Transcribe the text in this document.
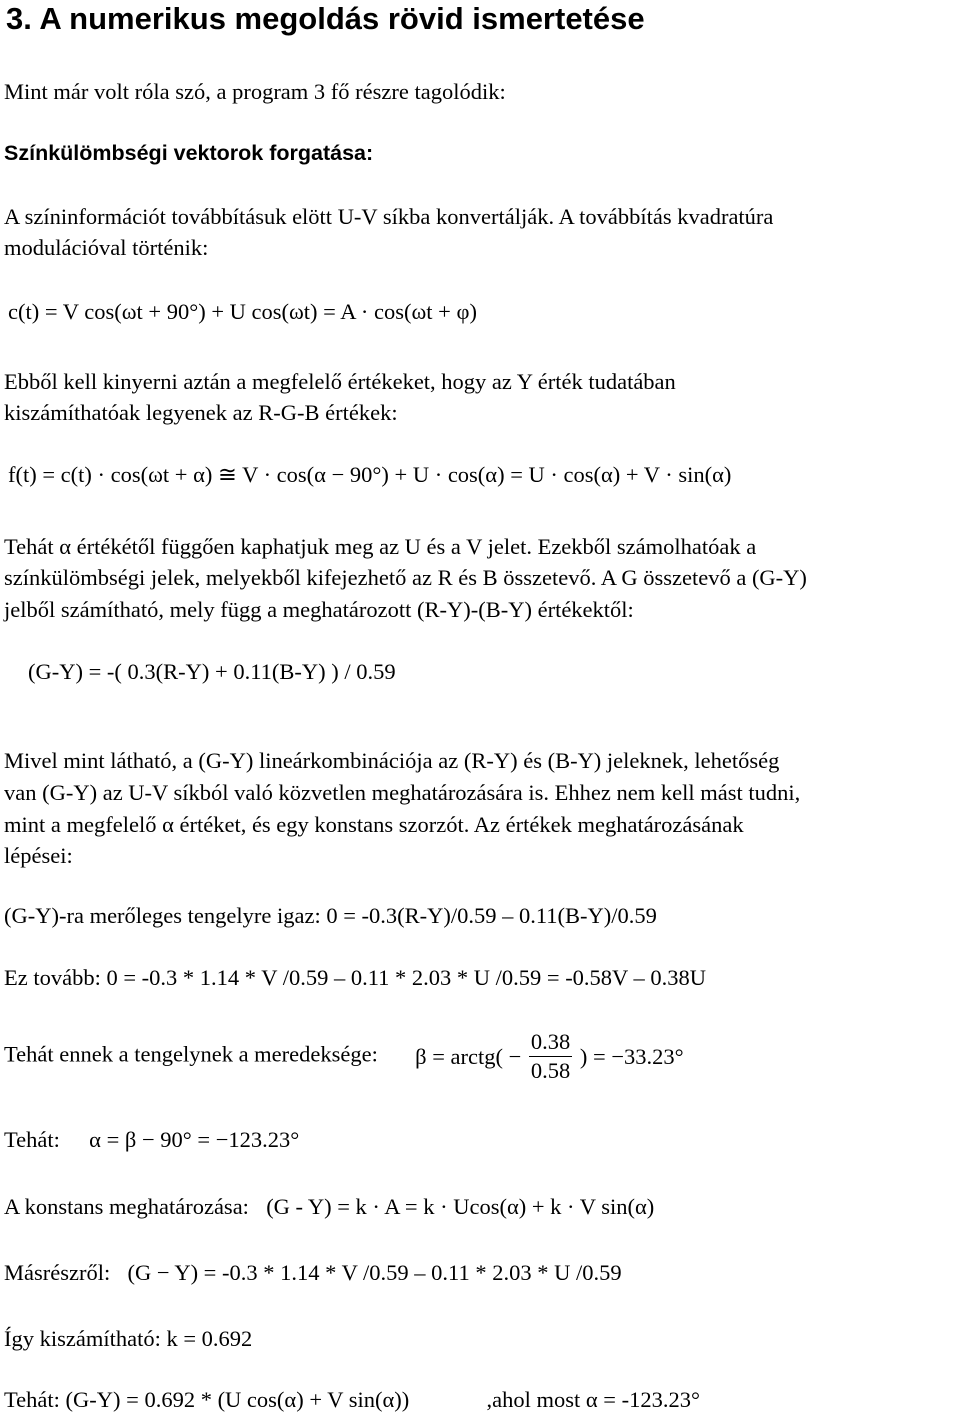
3. A numerikus megoldás rövid ismertetése

Mint már volt róla szó, a program 3 fő részre tagolódik:

Színkülömbségi vektorok forgatása:

A színinformációt továbbításuk elött U-V síkba konvertálják. A továbbítás kvadratúra

modulációval történik:

c(t) = V cos(ωt + 90°) + U cos(ωt) = A · cos(ωt + φ)

Ebből kell kinyerni aztán a megfelelő értékeket, hogy az Y érték tudatában

kiszámíthatóak legyenek az R-G-B értékek:

f(t) = c(t) · cos(ωt + α) ≅ V · cos(α − 90°) + U · cos(α) = U · cos(α) + V · sin(α)

Tehát α értékétől függően kaphatjuk meg az U és a V jelet. Ezekből számolhatóak a

színkülömbségi jelek, melyekből kifejezhető az R és B összetevő. A G összetevő a (G-Y)

jelből számítható, mely függ a meghatározott (R-Y)-(B-Y) értékektől:

(G-Y) = -( 0.3(R-Y) + 0.11(B-Y) ) / 0.59

Mivel mint látható, a (G-Y) lineárkombinációja az (R-Y) és (B-Y) jeleknek, lehetőség

van (G-Y) az U-V síkból való közvetlen meghatározására is. Ehhez nem kell mást tudni,

mint a megfelelő α értéket, és egy konstans szorzót. Az értékek meghatározásának

lépései:

(G-Y)-ra merőleges tengelyre igaz: 0 = -0.3(R-Y)/0.59 – 0.11(B-Y)/0.59

Ez tovább: 0 = -0.3 * 1.14 * V /0.59 – 0.11 * 2.03 * U /0.59 = -0.58V – 0.38U

Tehát ennek a tengelynek a meredeksége: β = arctg( − $\frac{0.38}{0.58}$ ) = −33.23°
Tehát: α = β − 90° = −123.23°
A konstans meghatározása: (G - Y) = k · A = k · Ucos(α) + k · V sin(α)
Másrészről: (G − Y) = -0.3 * 1.14 * V /0.59 – 0.11 * 2.03 * U /0.59

Így kiszámítható: k = 0.692

Tehát: (G-Y) = 0.692 * (U cos(α) + V sin(α))	,ahol most α = -123.23°
